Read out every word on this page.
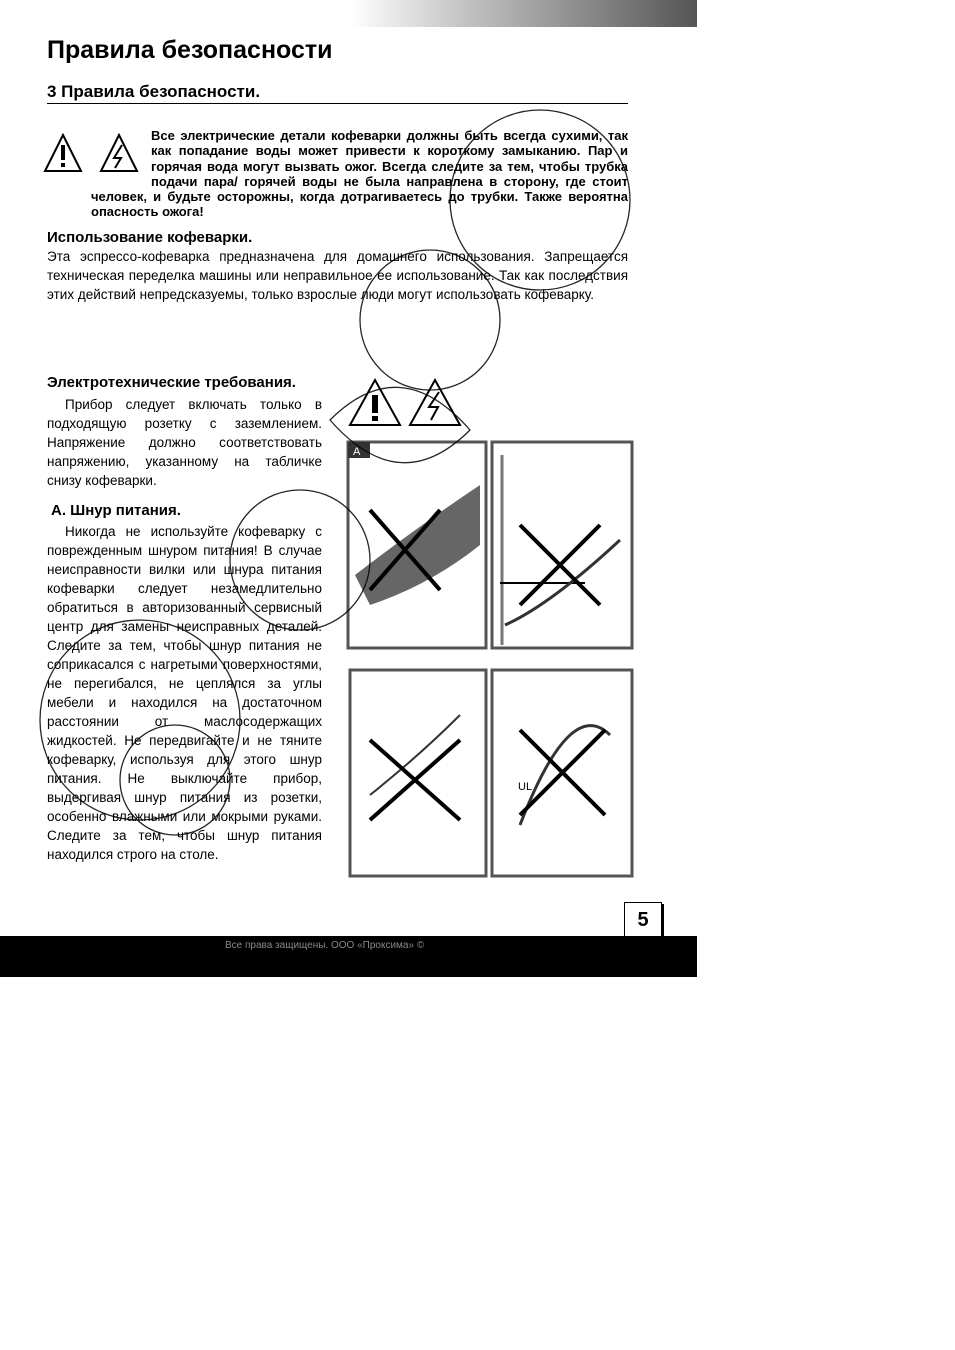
Правила безопасности
3 Правила безопасности.

Все электрические детали кофеварки должны быть всегда сухими, так как попадание воды может привести к короткому замыканию. Пар и горячая вода могут вызвать ожог. Всегда следите за тем, чтобы трубка подачи пара/ горячей воды не была направлена в сторону, где стоит человек, и будьте осторожны, когда дотрагиваетесь до трубки. Также вероятна опасность ожога!

Использование кофеварки.

Эта эспрессо-кофеварка предназначена для домашнего использования. Запрещается техническая переделка машины или неправильное ее использование. Так как последствия этих действий непредсказуемы, только взрослые люди могут использовать кофеварку.

Электротехнические требования.

Прибор следует включать только в подходящую розетку с заземлением. Напряжение должно соответствовать напряжению, указанному на табличке снизу кофеварки.

А. Шнур питания.

Никогда не используйте кофеварку с поврежденным шнуром питания! В случае неисправности вилки или шнура питания кофеварки следует незамедлительно обратиться в авторизованный сервисный центр для замены неисправных деталей. Следите за тем, чтобы шнур питания не соприкасался с нагретыми поверхностями, не перегибался, не цеплялся за углы мебели и находился на достаточном расстоянии от маслосодержащих жидкостей. Не передвигайте и не тяните кофеварку, используя для этого шнур питания. Не выключайте прибор, выдергивая шнур питания из розетки, особенно влажными или мокрыми руками. Следите за тем, чтобы шнур питания находился строго на столе.

A
UL
5
Все права защищены. ООО «Проксима» ©
